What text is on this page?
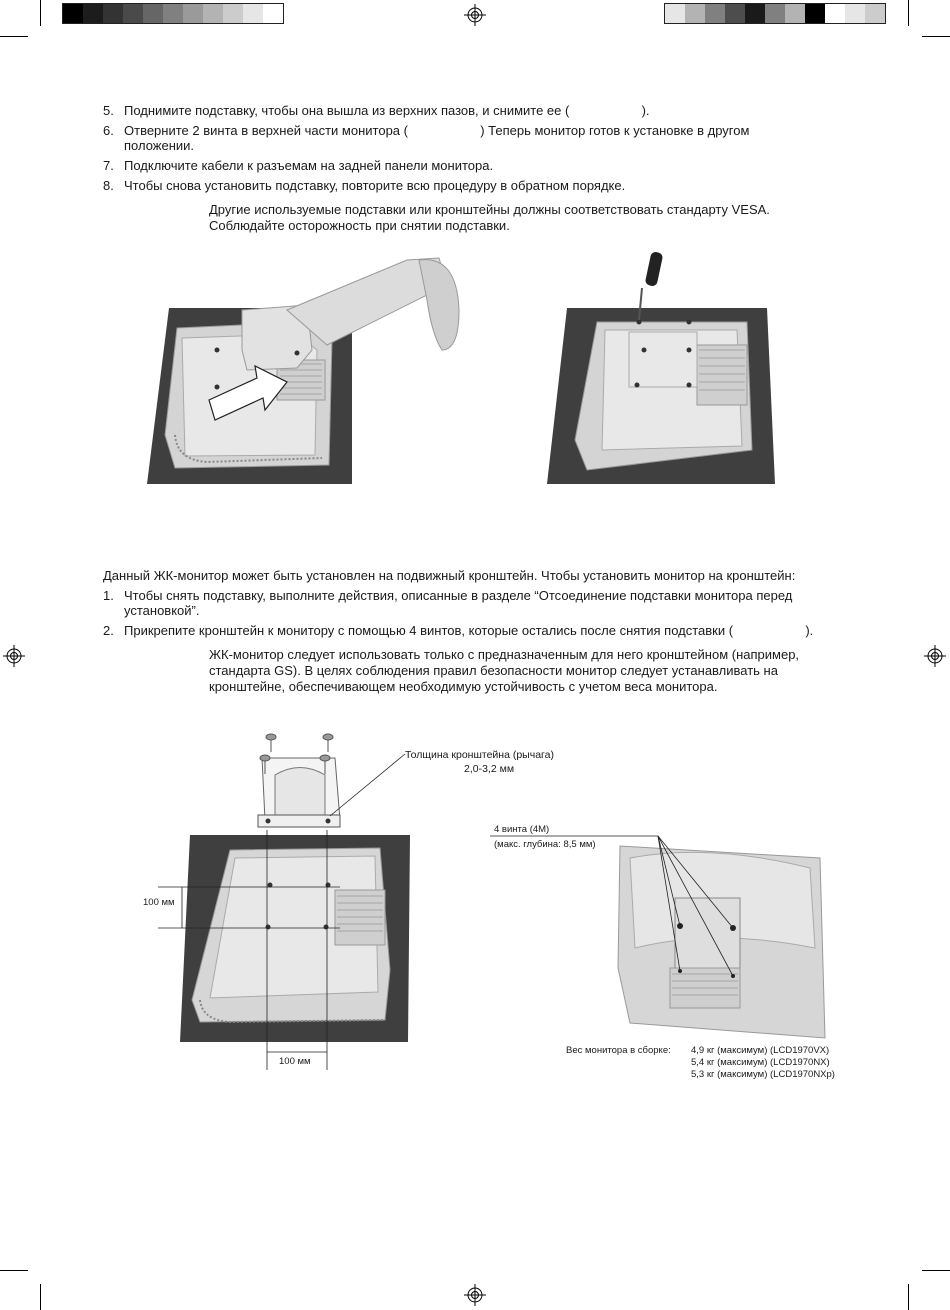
5. Поднимите подставку, чтобы она вышла из верхних пазов, и снимите ее (                    ).
6. Отверните 2 винта в верхней части монитора (                    ) Теперь монитор готов к установке в другом
положении.
7. Подключите кабели к разъемам на задней панели монитора.
8. Чтобы снова установить подставку, повторите всю процедуру в обратном порядке.
Другие используемые подставки или кронштейны должны соответствовать стандарту VESA.
Соблюдайте осторожность при снятии подставки.
Данный ЖК-монитор может быть установлен на подвижный кронштейн. Чтобы установить монитор на кронштейн:
1. Чтобы снять подставку, выполните действия, описанные в разделе “Отсоединение подставки монитора перед
установкой”.
2. Прикрепите кронштейн к монитору с помощью 4 винтов, которые остались после снятия подставки (                    ).
ЖК-монитор следует использовать только с предназначенным для него кронштейном (например,
стандарта GS). В целях соблюдения правил безопасности монитор следует устанавливать на
кронштейне, обеспечивающем необходимую устойчивость с учетом веса монитора.
Толщина кронштейна (рычага)
2,0-3,2 мм
100 мм
100 мм
4 винта (4M)
(макс. глубина: 8,5 мм)
Вес монитора в сборке: 4,9 кг (максимум) (LCD1970VX)
5,4 кг (максимум) (LCD1970NX)
5,3 кг (максимум) (LCD1970NXp)
